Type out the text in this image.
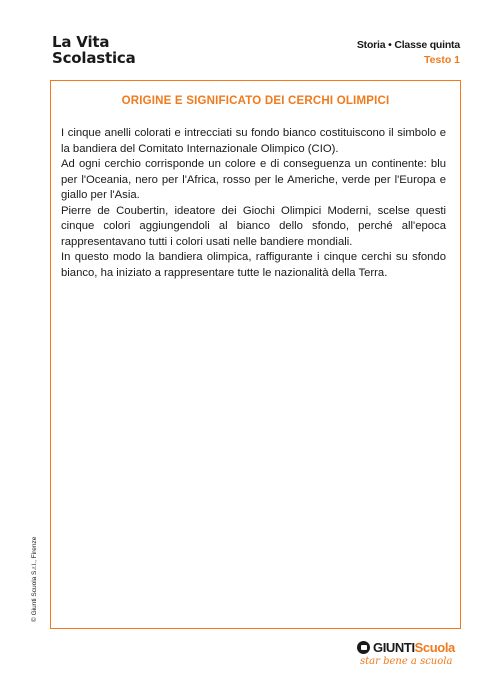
La Vita
Scolastica
Storia • Classe quinta
Testo 1
ORIGINE E SIGNIFICATO DEI CERCHI OLIMPICI

I cinque anelli colorati e intrecciati su fondo bianco costituiscono il simbolo e la bandiera del Comitato Internazionale Olimpico (CIO).

Ad ogni cerchio corrisponde un colore e di conseguenza un continente: blu per l'Oceania, nero per l'Africa, rosso per le Americhe, verde per l'Europa e giallo per l'Asia.

Pierre de Coubertin, ideatore dei Giochi Olimpici Moderni, scelse questi cinque colori aggiungendoli al bianco dello sfondo, perché all'epoca rappresentavano tutti i colori usati nelle bandiere mondiali.

In questo modo la bandiera olimpica, raffigurante i cinque cerchi su sfondo bianco, ha iniziato a rappresentare tutte le nazionalità della Terra.

© Giunti Scuola S.r.l., Firenze
GIUNTI Scuola
star bene a scuola
